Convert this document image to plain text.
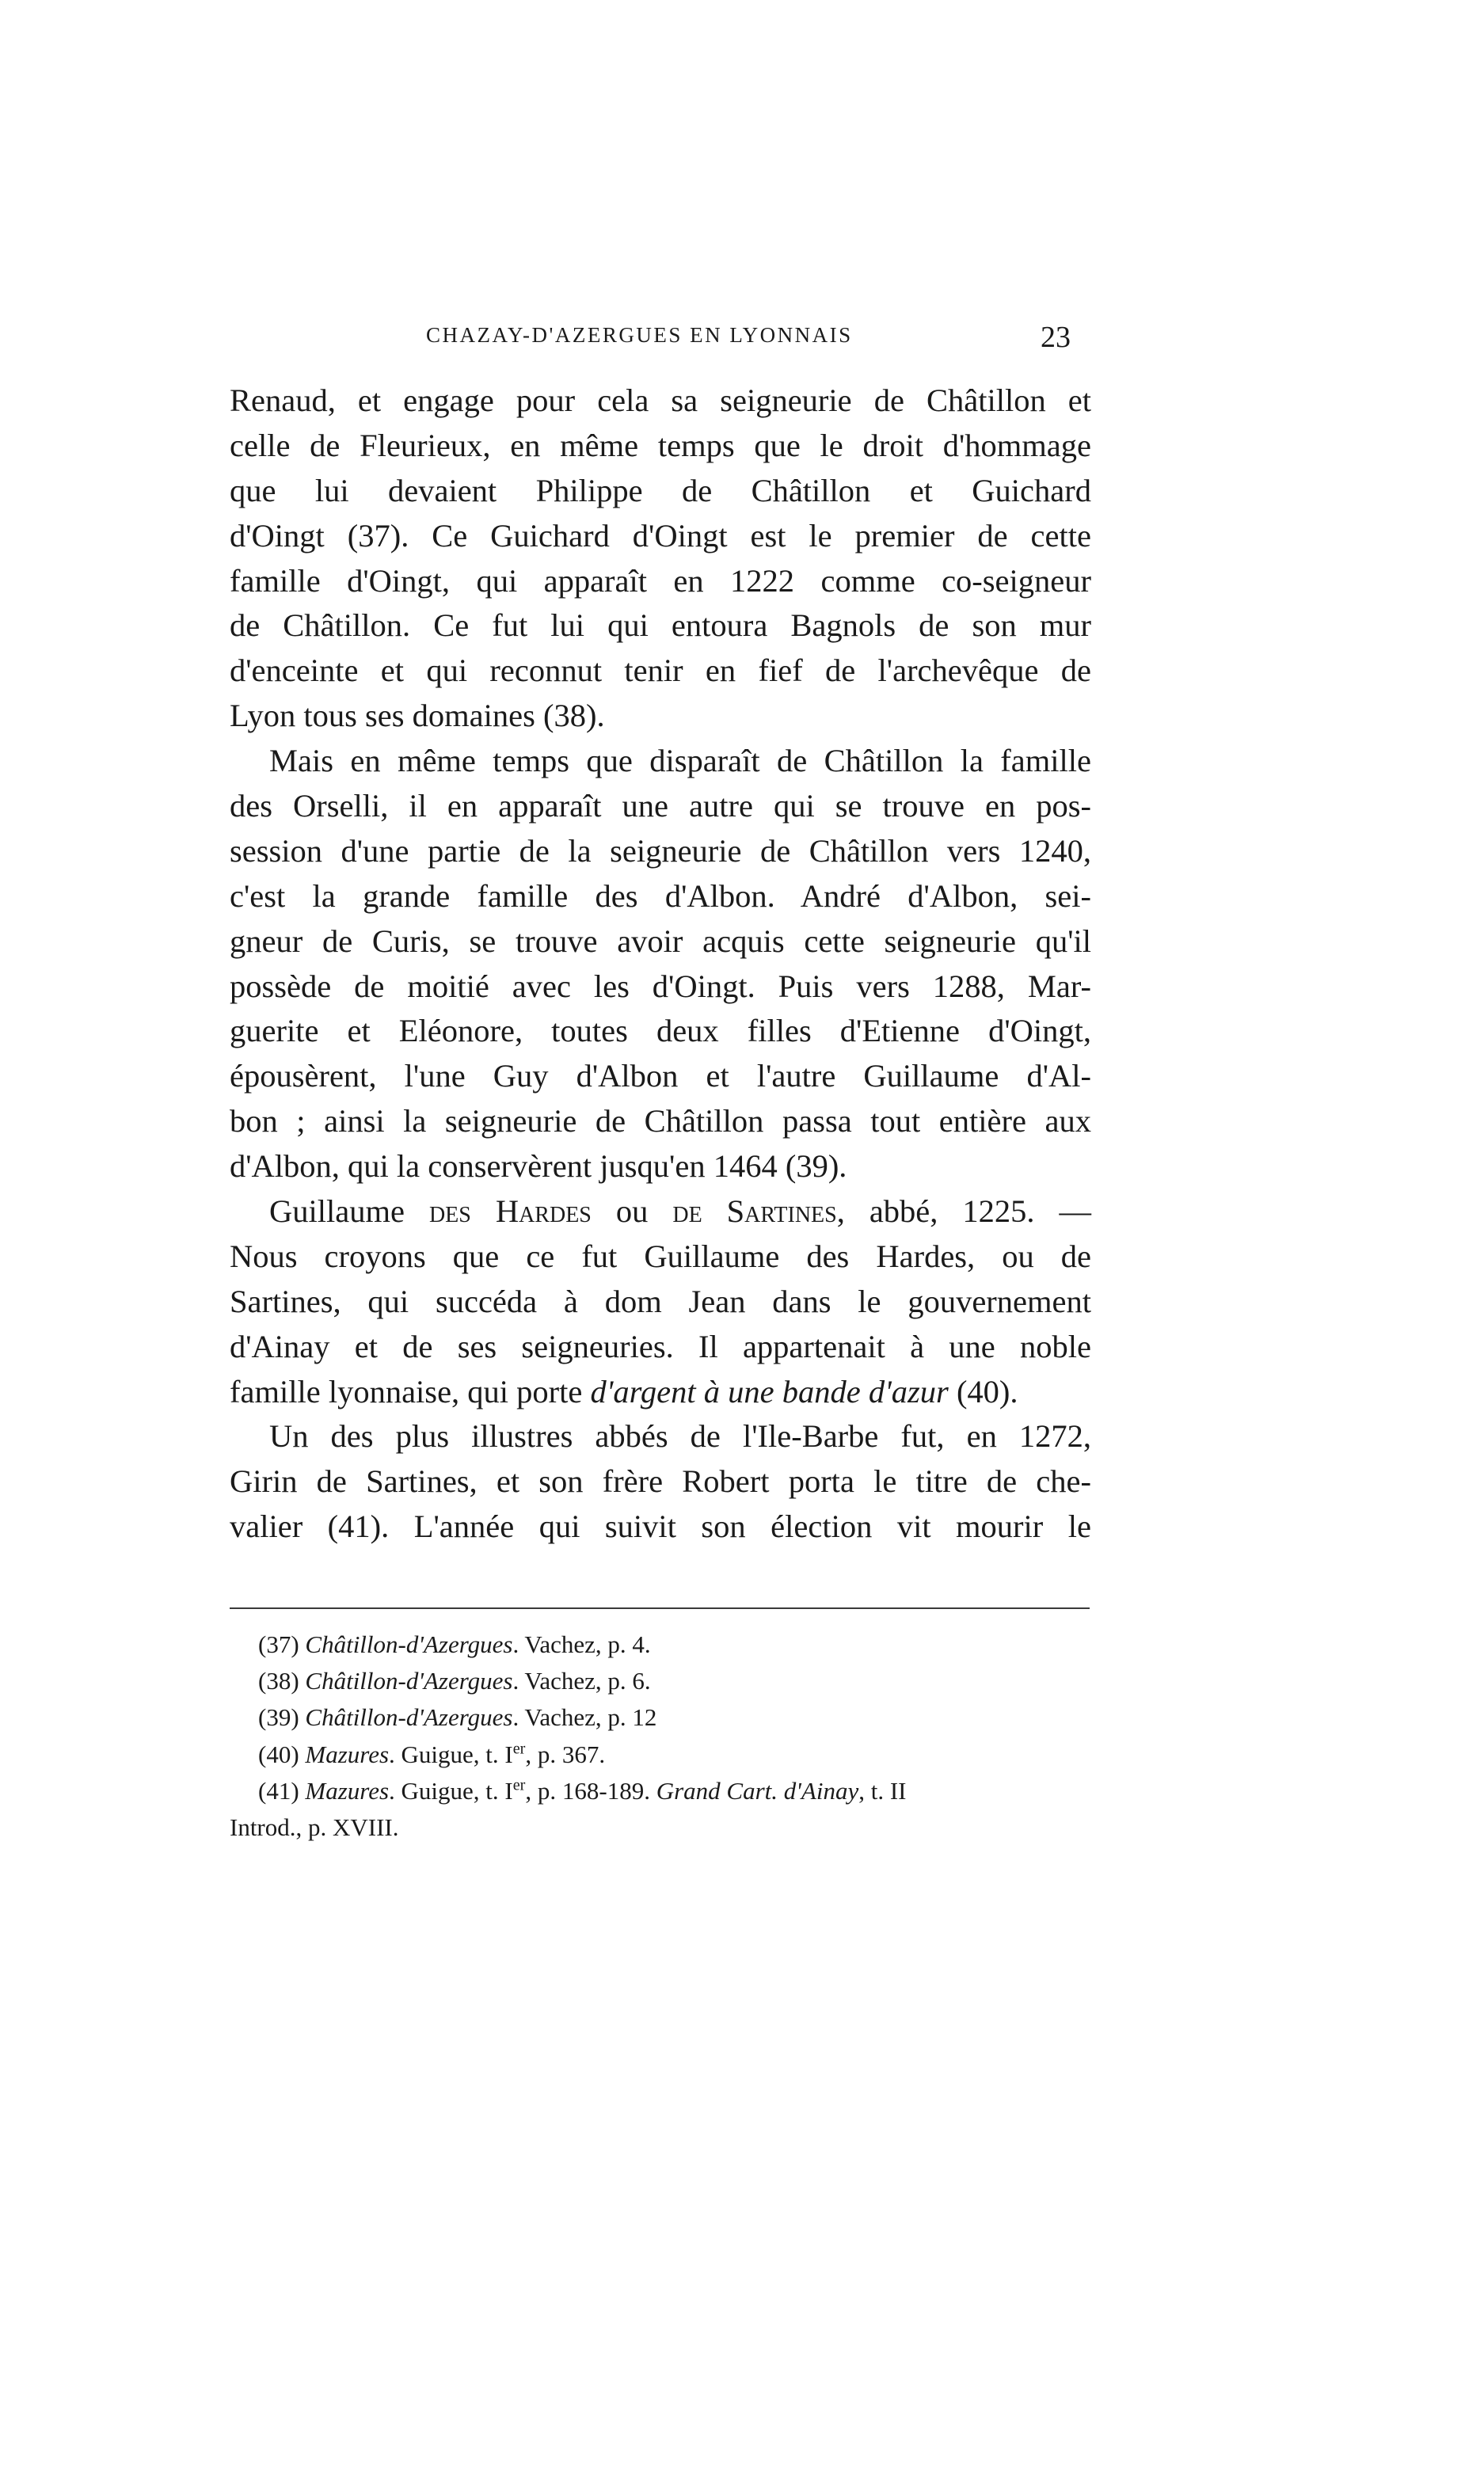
CHAZAY-D'AZERGUES EN LYONNAIS	23
Renaud, et engage pour cela sa seigneurie de Châtillon et
celle de Fleurieux, en même temps que le droit d'hommage
que lui devaient Philippe de Châtillon et Guichard
d'Oingt (37). Ce Guichard d'Oingt est le premier de cette
famille d'Oingt, qui apparaît en 1222 comme co-seigneur
de Châtillon. Ce fut lui qui entoura Bagnols de son mur
d'enceinte et qui reconnut tenir en fief de l'archevêque de
Lyon tous ses domaines (38).
Mais en même temps que disparaît de Châtillon la famille
des Orselli, il en apparaît une autre qui se trouve en pos-
session d'une partie de la seigneurie de Châtillon vers 1240,
c'est la grande famille des d'Albon. André d'Albon, sei-
gneur de Curis, se trouve avoir acquis cette seigneurie qu'il
possède de moitié avec les d'Oingt. Puis vers 1288, Mar-
guerite et Eléonore, toutes deux filles d'Etienne d'Oingt,
épousèrent, l'une Guy d'Albon et l'autre Guillaume d'Al-
bon ; ainsi la seigneurie de Châtillon passa tout entière aux
d'Albon, qui la conservèrent jusqu'en 1464 (39).
Guillaume des Hardes ou de Sartines, abbé, 1225. —
Nous croyons que ce fut Guillaume des Hardes, ou de
Sartines, qui succéda à dom Jean dans le gouvernement
d'Ainay et de ses seigneuries. Il appartenait à une noble
famille lyonnaise, qui porte d'argent à une bande d'azur (40).
Un des plus illustres abbés de l'Ile-Barbe fut, en 1272,
Girin de Sartines, et son frère Robert porta le titre de che-
valier (41). L'année qui suivit son élection vit mourir le
(37) Châtillon-d'Azergues. Vachez, p. 4.
(38) Châtillon-d'Azergues. Vachez, p. 6.
(39) Châtillon-d'Azergues. Vachez, p. 12
(40) Mazures. Guigue, t. Ier, p. 367.
(41) Mazures. Guigue, t. Ier, p. 168-189. Grand Cart. d'Ainay, t. II
Introd., p. XVIII.
